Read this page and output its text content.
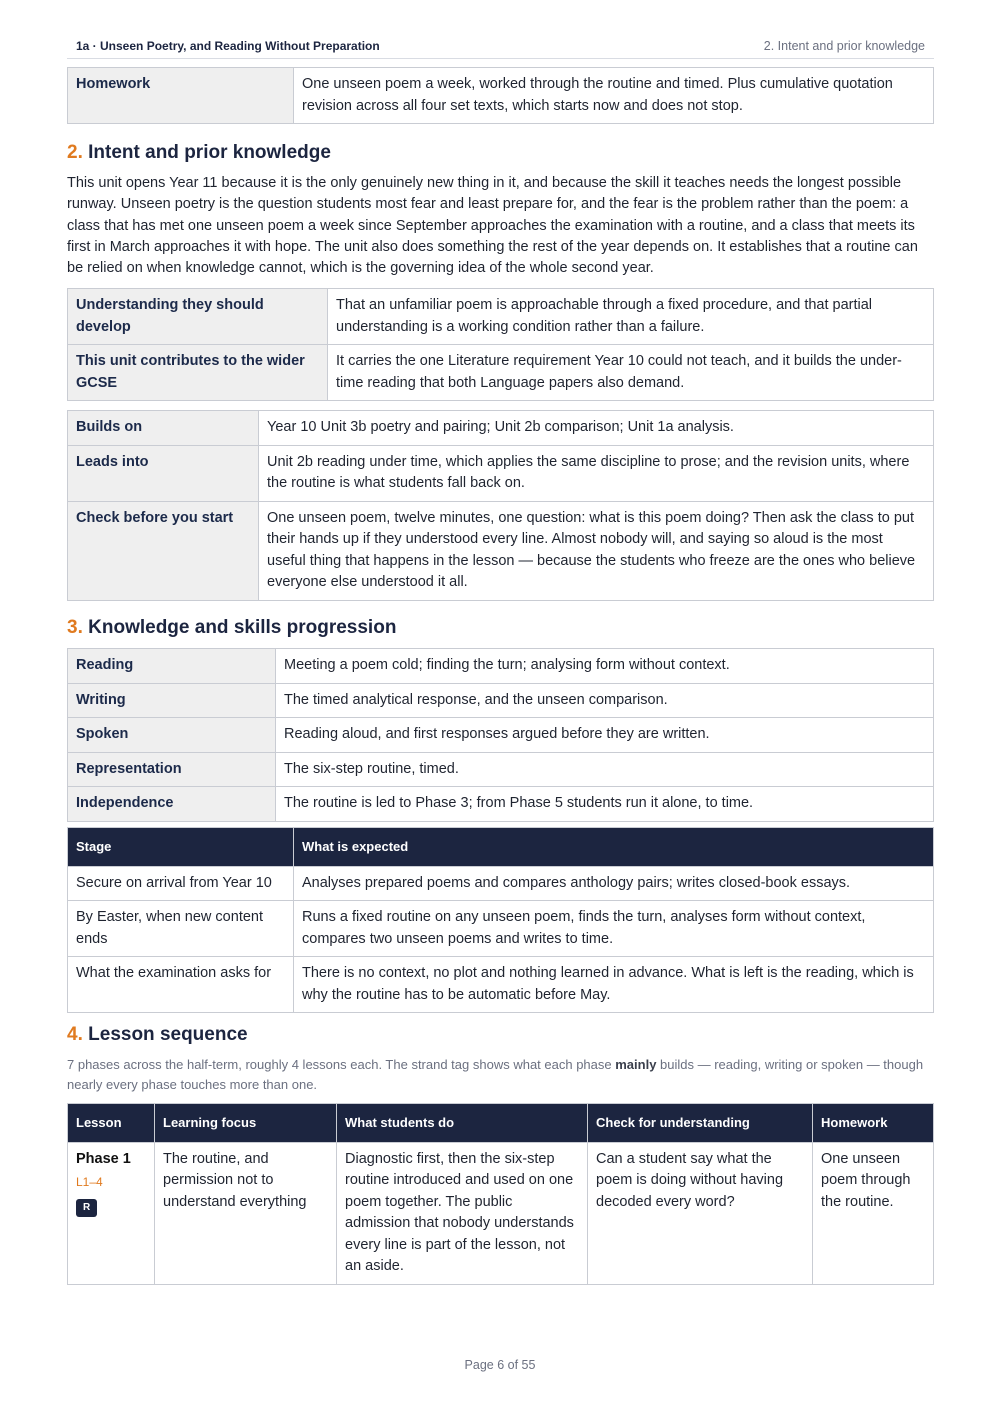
1a · Unseen Poetry, and Reading Without Preparation	2. Intent and prior knowledge
Homework	One unseen poem a week, worked through the routine and timed. Plus cumulative quotation revision across all four set texts, which starts now and does not stop.
2. Intent and prior knowledge

This unit opens Year 11 because it is the only genuinely new thing in it, and because the skill it teaches needs the longest possible runway. Unseen poetry is the question students most fear and least prepare for, and the fear is the problem rather than the poem: a class that has met one unseen poem a week since September approaches the examination with a routine, and a class that meets its first in March approaches it with hope. The unit also does something the rest of the year depends on. It establishes that a routine can be relied on when knowledge cannot, which is the governing idea of the whole second year.

Understanding they should develop	That an unfamiliar poem is approachable through a fixed procedure, and that partial understanding is a working condition rather than a failure.
This unit contributes to the wider GCSE	It carries the one Literature requirement Year 10 could not teach, and it builds the under-time reading that both Language papers also demand.
Builds on	Year 10 Unit 3b poetry and pairing; Unit 2b comparison; Unit 1a analysis.
Leads into	Unit 2b reading under time, which applies the same discipline to prose; and the revision units, where the routine is what students fall back on.
Check before you start	One unseen poem, twelve minutes, one question: what is this poem doing? Then ask the class to put their hands up if they understood every line. Almost nobody will, and saying so aloud is the most useful thing that happens in the lesson — because the students who freeze are the ones who believe everyone else understood it all.
3. Knowledge and skills progression
Reading	Meeting a poem cold; finding the turn; analysing form without context.
Writing	The timed analytical response, and the unseen comparison.
Spoken	Reading aloud, and first responses argued before they are written.
Representation	The six-step routine, timed.
Independence	The routine is led to Phase 3; from Phase 5 students run it alone, to time.
Stage	What is expected
Secure on arrival from Year 10	Analyses prepared poems and compares anthology pairs; writes closed-book essays.
By Easter, when new content ends	Runs a fixed routine on any unseen poem, finds the turn, analyses form without context, compares two unseen poems and writes to time.
What the examination asks for	There is no context, no plot and nothing learned in advance. What is left is the reading, which is why the routine has to be automatic before May.
4. Lesson sequence

7 phases across the half-term, roughly 4 lessons each. The strand tag shows what each phase mainly builds — reading, writing or spoken — though nearly every phase touches more than one.

Lesson	Learning focus	What students do	Check for understanding	Homework

Phase 1
L1–4
R	The routine, and permission not to understand everything	Diagnostic first, then the six-step routine introduced and used on one poem together. The public admission that nobody understands every line is part of the lesson, not an aside.	Can a student say what the poem is doing without having decoded every word?	One unseen poem through the routine.
Page 6 of 55
